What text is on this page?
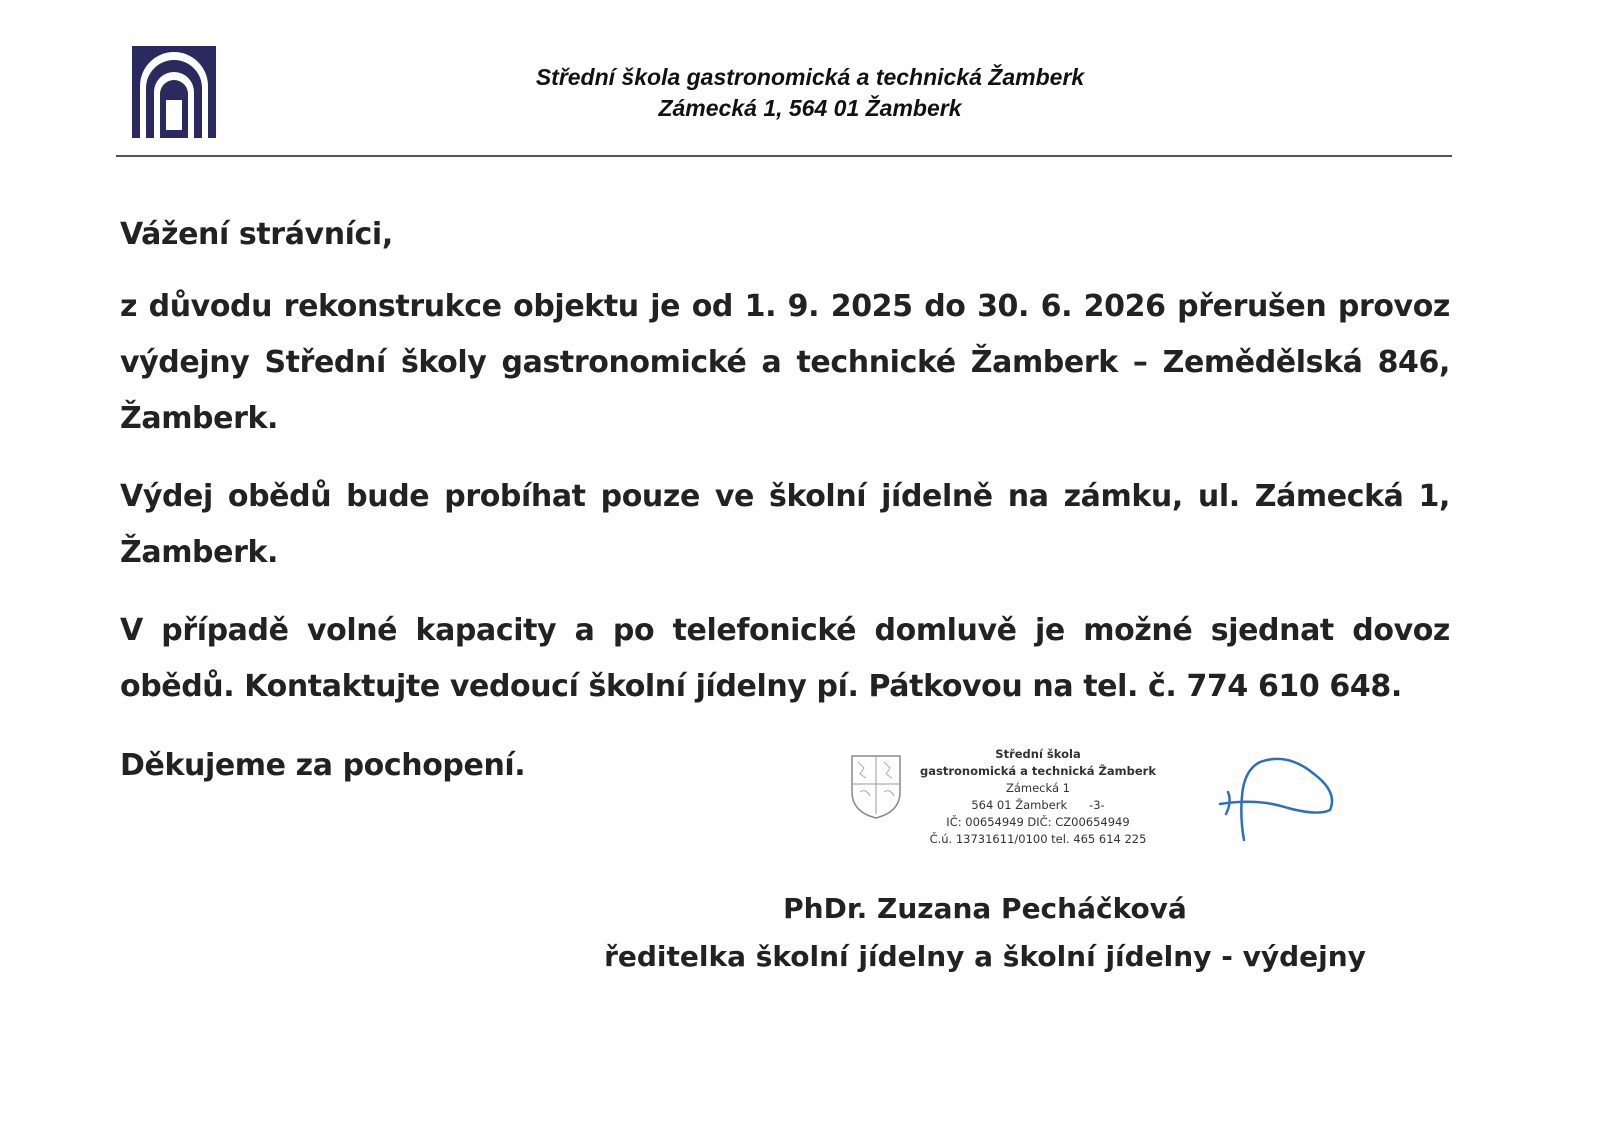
Střední škola gastronomická a technická Žamberk
Zámecká 1, 564 01 Žamberk
Vážení strávníci,
z důvodu rekonstrukce objektu je od 1. 9. 2025 do 30. 6. 2026 přerušen provoz výdejny Střední školy gastronomické a technické Žamberk – Zemědělská 846, Žamberk.
Výdej obědů bude probíhat pouze ve školní jídelně na zámku, ul. Zámecká 1, Žamberk.
V případě volné kapacity a po telefonické domluvě je možné sjednat dovoz obědů. Kontaktujte vedoucí školní jídelny pí. Pátkovou na tel. č. 774 610 648.
Děkujeme za pochopení.	Střední škola
gastronomická a technická Žamberk
Zámecká 1
564 01 Žamberk      -3-
IČ: 00654949 DIČ: CZ00654949
Č.ú. 13731611/0100 tel. 465 614 225
PhDr. Zuzana Pecháčková
ředitelka školní jídelny a školní jídelny - výdejny
